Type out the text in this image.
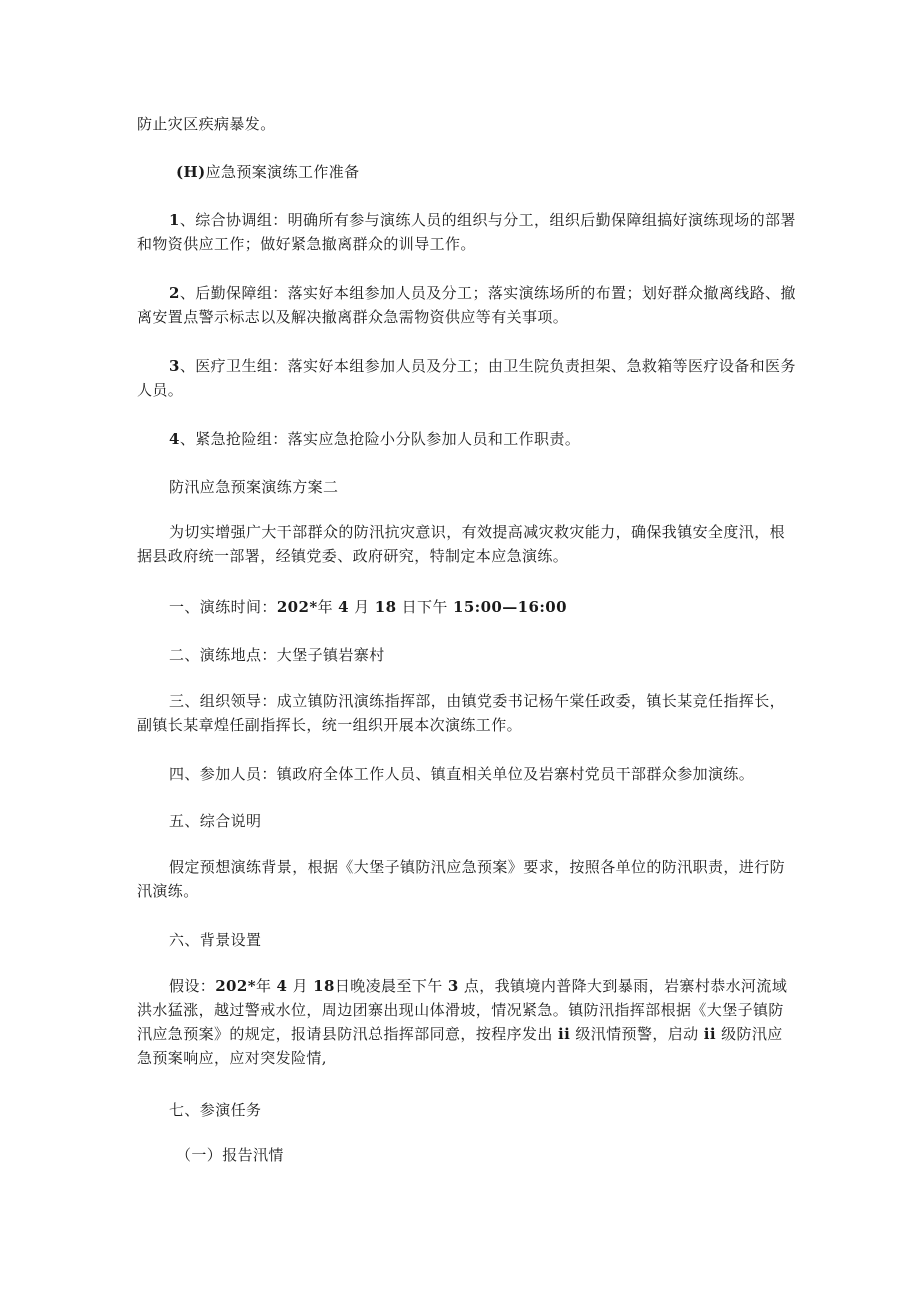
防止灾区疾病暴发。

(H)应急预案演练工作准备

1、综合协调组：明确所有参与演练人员的组织与分工，组织后勤保障组搞好演练现场的部署和物资供应工作；做好紧急撤离群众的训导工作。

2、后勤保障组：落实好本组参加人员及分工；落实演练场所的布置；划好群众撤离线路、撤离安置点警示标志以及解决撤离群众急需物资供应等有关事项。

3、医疗卫生组：落实好本组参加人员及分工；由卫生院负责担架、急救箱等医疗设备和医务人员。

4、紧急抢险组：落实应急抢险小分队参加人员和工作职责。

防汛应急预案演练方案二

为切实增强广大干部群众的防汛抗灾意识，有效提高减灾救灾能力，确保我镇安全度汛，根据县政府统一部署，经镇党委、政府研究，特制定本应急演练。

一、演练时间：202*年 4 月 18 日下午 15:00—16:00

二、演练地点：大堡子镇岩寨村

三、组织领导：成立镇防汛演练指挥部，由镇党委书记杨午棠任政委，镇长某竞任指挥长，副镇长某章煌任副指挥长，统一组织开展本次演练工作。

四、参加人员：镇政府全体工作人员、镇直相关单位及岩寨村党员干部群众参加演练。

五、综合说明

假定预想演练背景，根据《大堡子镇防汛应急预案》要求，按照各单位的防汛职责，进行防汛演练。

六、背景设置

假设：202*年 4 月 18日晚凌晨至下午 3 点，我镇境内普降大到暴雨，岩寨村恭水河流域洪水猛涨，越过警戒水位，周边团寨出现山体滑坡，情况紧急。镇防汛指挥部根据《大堡子镇防汛应急预案》的规定，报请县防汛总指挥部同意，按程序发出 ii 级汛情预警，启动 ii 级防汛应急预案响应，应对突发险情,

七、参演任务

（一）报告汛情
